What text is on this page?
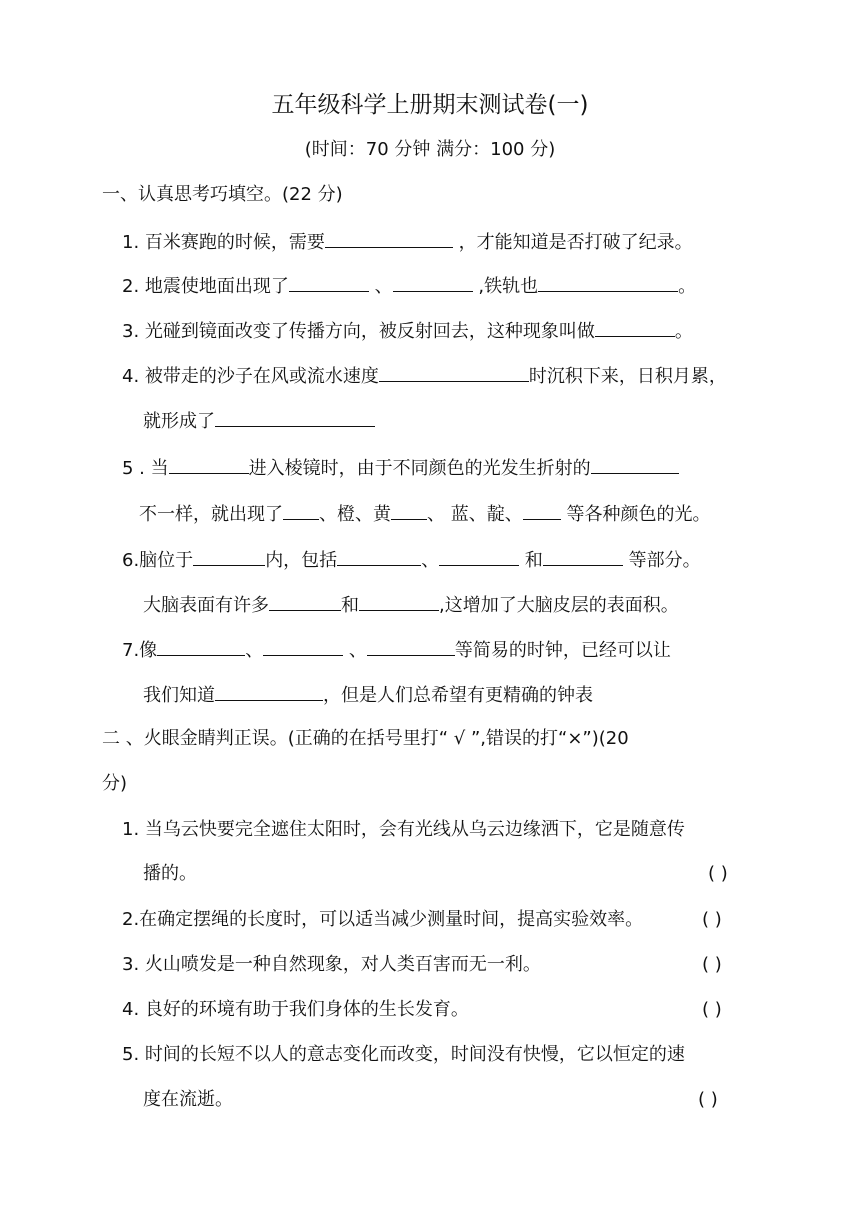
五年级科学上册期末测试卷(一)
(时间：70 分钟 满分：100 分)
一、认真思考巧填空。(22 分)
1. 百米赛跑的时候，需要	，才能知道是否打破了纪录。
2. 地震使地面出现了	、	,铁轨也	。
3. 光碰到镜面改变了传播方向，被反射回去，这种现象叫做	。
4. 被带走的沙子在风或流水速度	时沉积下来，日积月累，
就形成了
5 . 当	进入棱镜时，由于不同颜色的光发生折射的
不一样，就出现了 、橙、黄 、 蓝、靛、 等各种颜色的光。
6.脑位于	内，包括	、	和	等部分。
大脑表面有许多	和	,这增加了大脑皮层的表面积。
7.像	、	、	等简易的时钟，已经可以让
我们知道	，但是人们总希望有更精确的钟表
二 、火眼金睛判正误。(正确的在括号里打“ √ ”,错误的打“×”)(20
分)
1. 当乌云快要完全遮住太阳时，会有光线从乌云边缘洒下，它是随意传
播的。	( )
2.在确定摆绳的长度时，可以适当减少测量时间，提高实验效率。	( )
3. 火山喷发是一种自然现象，对人类百害而无一利。	( )
4. 良好的环境有助于我们身体的生长发育。	( )
5. 时间的长短不以人的意志变化而改变，时间没有快慢，它以恒定的速
度在流逝。	( )
